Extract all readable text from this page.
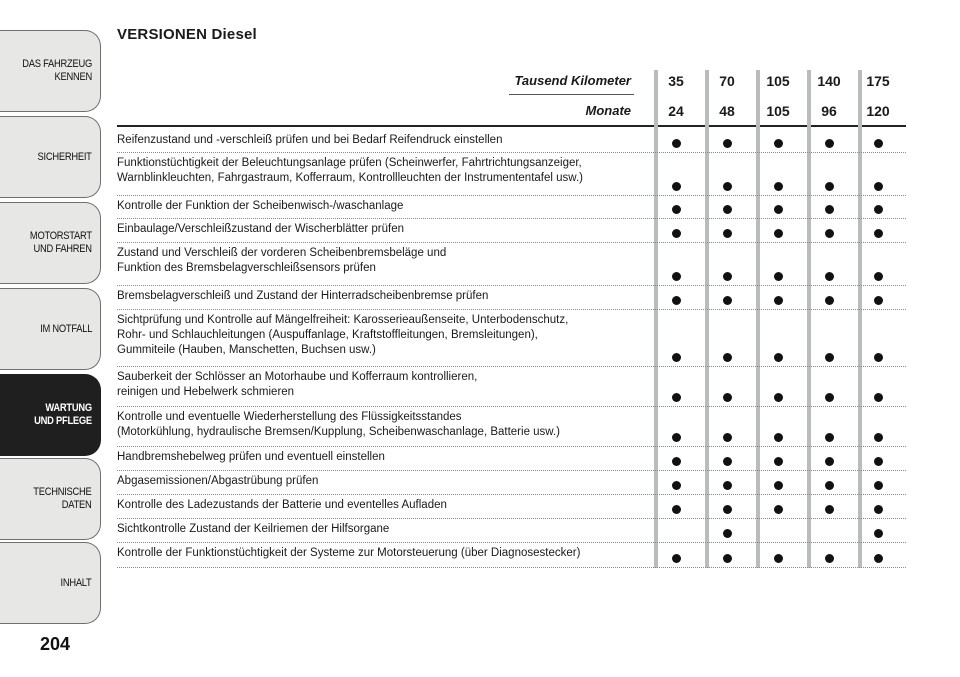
DAS FAHRZEUG
KENNEN
SICHERHEIT
MOTORSTART
UND FAHREN
IM NOTFALL
WARTUNG
UND PFLEGE
TECHNISCHE
DATEN
INHALT
204
VERSIONEN Diesel
Tausend Kilometer
Monate
35
24
70
48
105
105
140
96
175
120
Reifenzustand und -verschleiß prüfen und bei Bedarf Reifendruck einstellen
Funktionstüchtigkeit der Beleuchtungsanlage prüfen (Scheinwerfer, Fahrtrichtungsanzeiger,
Warnblinkleuchten, Fahrgastraum, Kofferraum, Kontrollleuchten der Instrumententafel usw.)
Kontrolle der Funktion der Scheibenwisch-/waschanlage
Einbaulage/Verschleißzustand der Wischerblätter prüfen
Zustand und Verschleiß der vorderen Scheibenbremsbeläge und
Funktion des Bremsbelagverschleißsensors prüfen
Bremsbelagverschleiß und Zustand der Hinterradscheibenbremse prüfen
Sichtprüfung und Kontrolle auf Mängelfreiheit: Karosserieaußenseite, Unterbodenschutz,
Rohr- und Schlauchleitungen (Auspuffanlage, Kraftstoffleitungen, Bremsleitungen),
Gummiteile (Hauben, Manschetten, Buchsen usw.)
Sauberkeit der Schlösser an Motorhaube und Kofferraum kontrollieren,
reinigen und Hebelwerk schmieren
Kontrolle und eventuelle Wiederherstellung des Flüssigkeitsstandes
(Motorkühlung, hydraulische Bremsen/Kupplung, Scheibenwaschanlage, Batterie usw.)
Handbremshebelweg prüfen und eventuell einstellen
Abgasemissionen/Abgastrübung prüfen
Kontrolle des Ladezustands der Batterie und eventelles Aufladen
Sichtkontrolle Zustand der Keilriemen der Hilfsorgane
Kontrolle der Funktionstüchtigkeit der Systeme zur Motorsteuerung (über Diagnosestecker)
